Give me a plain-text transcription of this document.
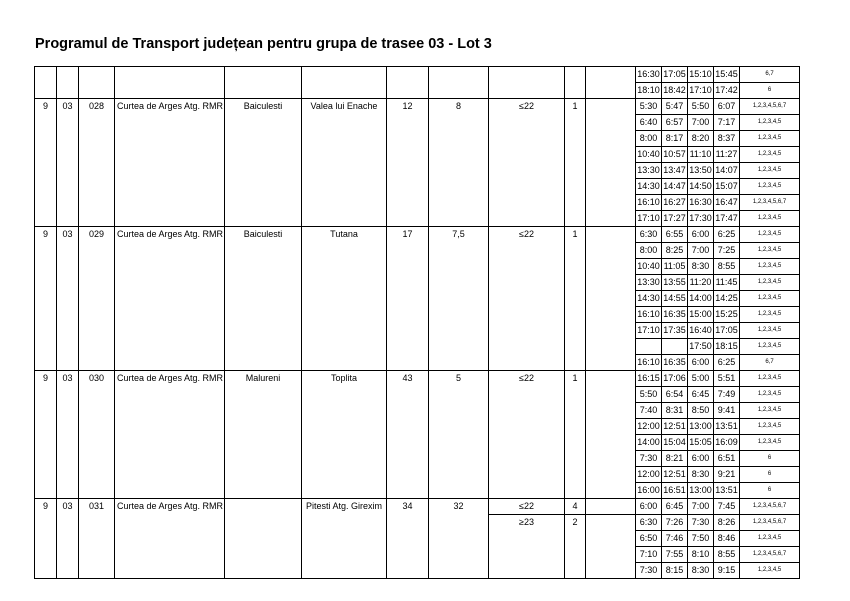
Programul de Transport județean pentru grupa de trasee 03 - Lot 3
											16:30	17:05	15:10	15:45	6,7
											18:10	18:42	17:10	17:42	6
9	03	028	Curtea de Arges Atg. RMR	Baiculesti	Valea lui Enache	12	8	≤22	1		5:30	5:47	5:50	6:07	1,2,3,4,5,6,7
											6:40	6:57	7:00	7:17	1,2,3,4,5
											8:00	8:17	8:20	8:37	1,2,3,4,5
											10:40	10:57	11:10	11:27	1,2,3,4,5
											13:30	13:47	13:50	14:07	1,2,3,4,5
											14:30	14:47	14:50	15:07	1,2,3,4,5
											16:10	16:27	16:30	16:47	1,2,3,4,5,6,7
											17:10	17:27	17:30	17:47	1,2,3,4,5
9	03	029	Curtea de Arges Atg. RMR	Baiculesti	Tutana	17	7,5	≤22	1		6:30	6:55	6:00	6:25	1,2,3,4,5
											8:00	8:25	7:00	7:25	1,2,3,4,5
											10:40	11:05	8:30	8:55	1,2,3,4,5
											13:30	13:55	11:20	11:45	1,2,3,4,5
											14:30	14:55	14:00	14:25	1,2,3,4,5
											16:10	16:35	15:00	15:25	1,2,3,4,5
											17:10	17:35	16:40	17:05	1,2,3,4,5
													17:50	18:15	1,2,3,4,5
											16:10	16:35	6:00	6:25	6,7
9	03	030	Curtea de Arges Atg. RMR	Malureni	Toplita	43	5	≤22	1		16:15	17:06	5:00	5:51	1,2,3,4,5
											5:50	6:54	6:45	7:49	1,2,3,4,5
											7:40	8:31	8:50	9:41	1,2,3,4,5
											12:00	12:51	13:00	13:51	1,2,3,4,5
											14:00	15:04	15:05	16:09	1,2,3,4,5
											7:30	8:21	6:00	6:51	6
											12:00	12:51	8:30	9:21	6
											16:00	16:51	13:00	13:51	6
9	03	031	Curtea de Arges Atg. RMR		Pitesti Atg. Girexim	34	32	≤22	4		6:00	6:45	7:00	7:45	1,2,3,4,5,6,7
								≥23	2		6:30	7:26	7:30	8:26	1,2,3,4,5,6,7
											6:50	7:46	7:50	8:46	1,2,3,4,5
											7:10	7:55	8:10	8:55	1,2,3,4,5,6,7
											7:30	8:15	8:30	9:15	1,2,3,4,5
